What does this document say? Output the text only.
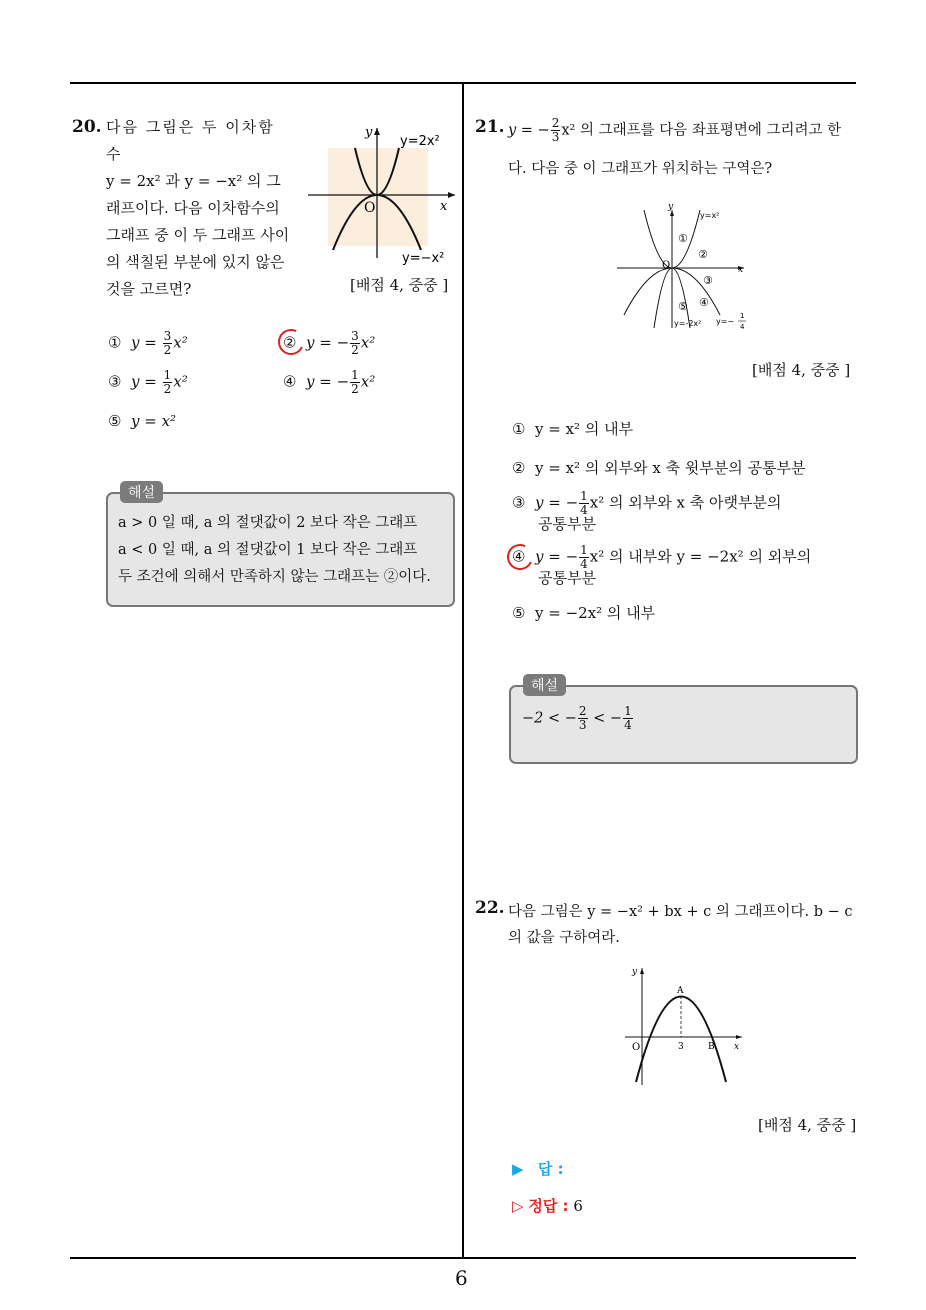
6
20. 다음 그림은 두 이차함수
y = 2x² 과 y = −x² 의 그
래프이다. 다음 이차함수의
그래프 중 이 두 그래프 사이
의 색칠된 부분에 있지 않은
것을 고르면?
y
x
O
y=2x²
y=−x²
[배점 4, 중중 ]
① $y = \frac{3}{2} x^2$	② y = − $\frac{3}{2} x^2$
③ $y = \frac{1}{2} x^2$	④ y = − $\frac{1}{2} x^2$
⑤ y = x²
해설
a > 0 일 때, a 의 절댓값이 2 보다 작은 그래프
a < 0 일 때, a 의 절댓값이 1 보다 작은 그래프
두 조건에 의해서 만족하지 않는 그래프는 ②이다.
21. y = − $\frac{2}{3} x^2$ 의 그래프를 다음 좌표평면에 그리려고 한
다. 다음 중 이 그래프가 위치하는 구역은?
y
x
O
y=x²
①
②
③
④
⑤
y=-2x² y=−
1
4
[배점 4, 중중 ]
① y = x² 의 내부
② y = x² 의 외부와 x 축 윗부분의 공통부분
③ y = − $\frac{1}{4} x^2$ 의 외부와 x 축 아랫부분의
공통부분
④ y = − $\frac{1}{4} x^2$ 의 내부와 y = −2x² 의 외부의
공통부분
⑤ y = −2x² 의 내부
해설
−2 < − $\frac{2}{3}$ < − $\frac{1}{4}$
22. 다음 그림은 y = −x² + bx + c 의 그래프이다. b − c
의 값을 구하여라.
y
x
O
A
3	B
[배점 4, 중중 ]
▶ 답 :
▷ 정답 : 6
